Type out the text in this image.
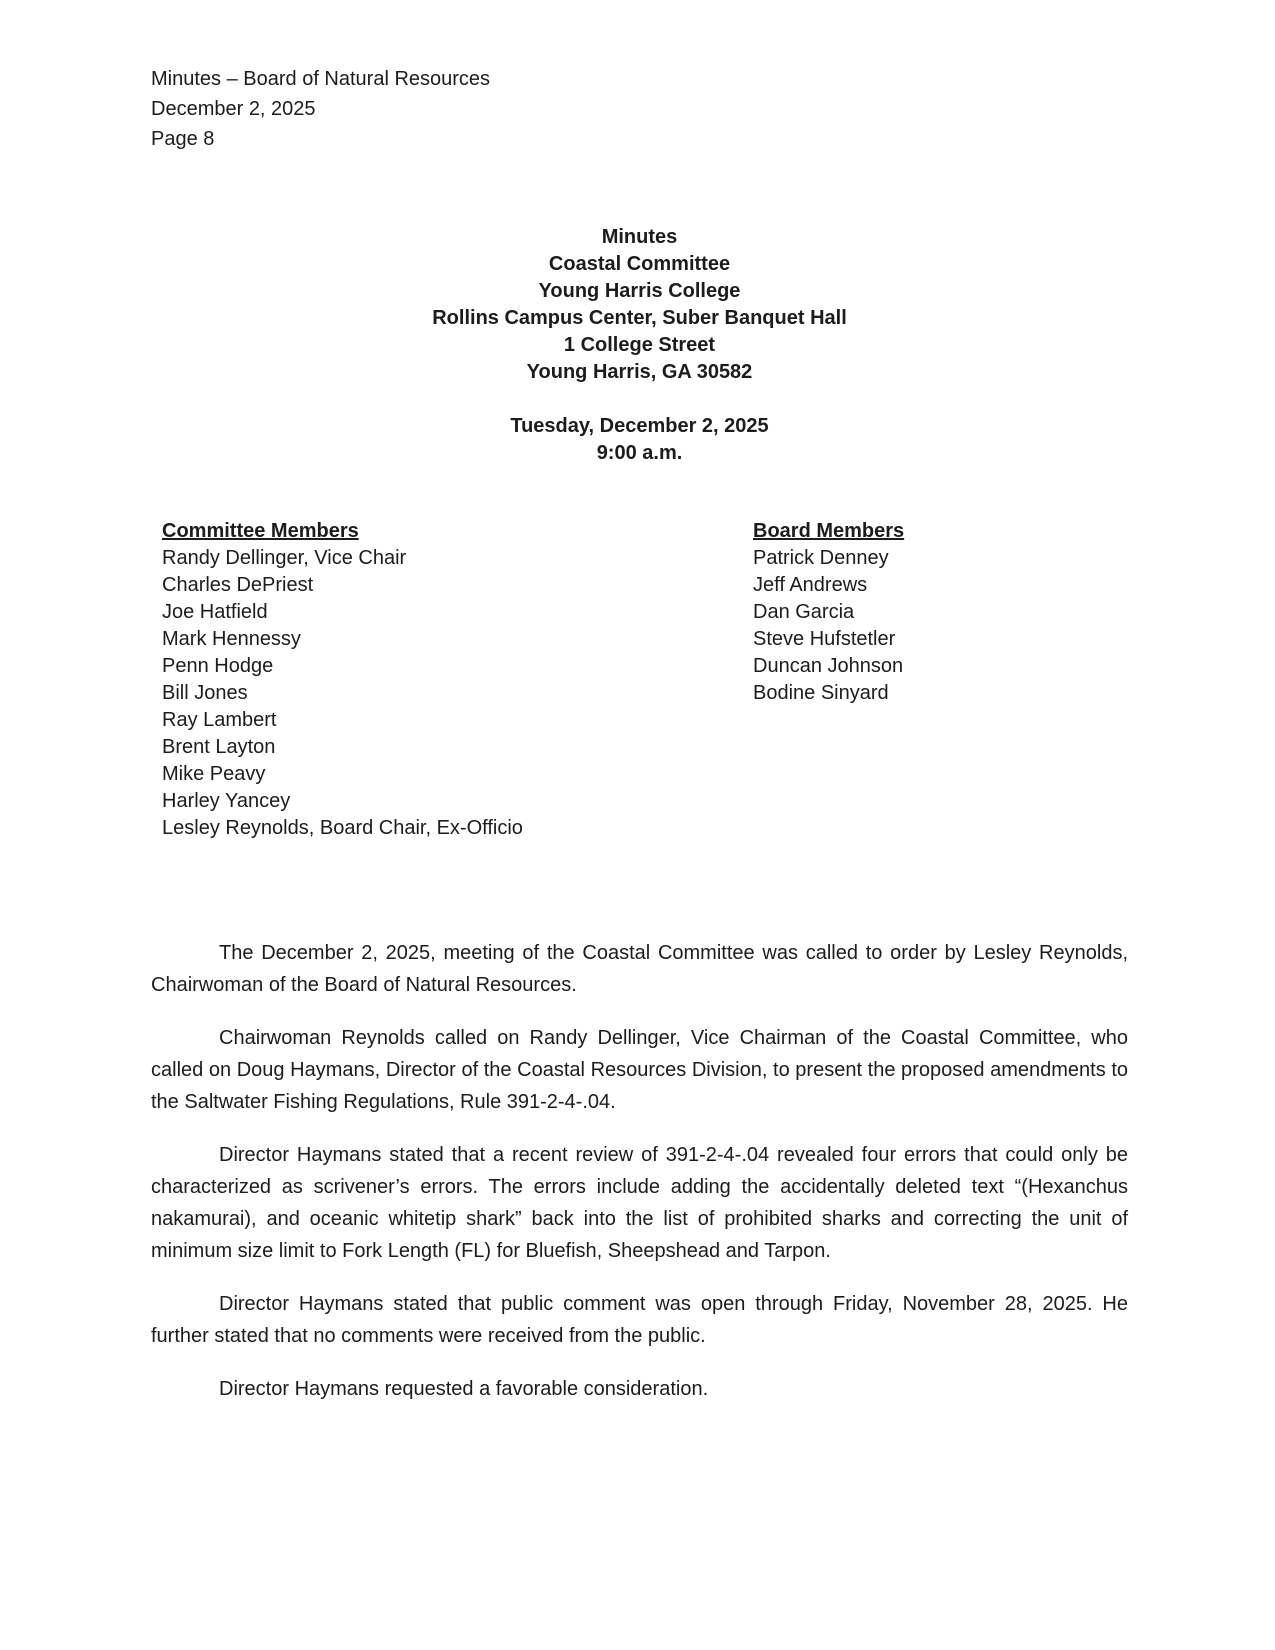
Minutes – Board of Natural Resources
December 2, 2025
Page 8
Minutes
Coastal Committee
Young Harris College
Rollins Campus Center, Suber Banquet Hall
1 College Street
Young Harris, GA 30582
Tuesday, December 2, 2025
9:00 a.m.
Committee Members
Randy Dellinger, Vice Chair
Charles DePriest
Joe Hatfield
Mark Hennessy
Penn Hodge
Bill Jones
Ray Lambert
Brent Layton
Mike Peavy
Harley Yancey
Lesley Reynolds, Board Chair, Ex-Officio
Board Members
Patrick Denney
Jeff Andrews
Dan Garcia
Steve Hufstetler
Duncan Johnson
Bodine Sinyard

The December 2, 2025, meeting of the Coastal Committee was called to order by Lesley Reynolds, Chairwoman of the Board of Natural Resources.

Chairwoman Reynolds called on Randy Dellinger, Vice Chairman of the Coastal Committee, who called on Doug Haymans, Director of the Coastal Resources Division, to present the proposed amendments to the Saltwater Fishing Regulations, Rule 391-2-4-.04.

Director Haymans stated that a recent review of 391-2-4-.04 revealed four errors that could only be characterized as scrivener’s errors. The errors include adding the accidentally deleted text “(Hexanchus nakamurai), and oceanic whitetip shark” back into the list of prohibited sharks and correcting the unit of minimum size limit to Fork Length (FL) for Bluefish, Sheepshead and Tarpon.

Director Haymans stated that public comment was open through Friday, November 28, 2025. He further stated that no comments were received from the public.

Director Haymans requested a favorable consideration.
